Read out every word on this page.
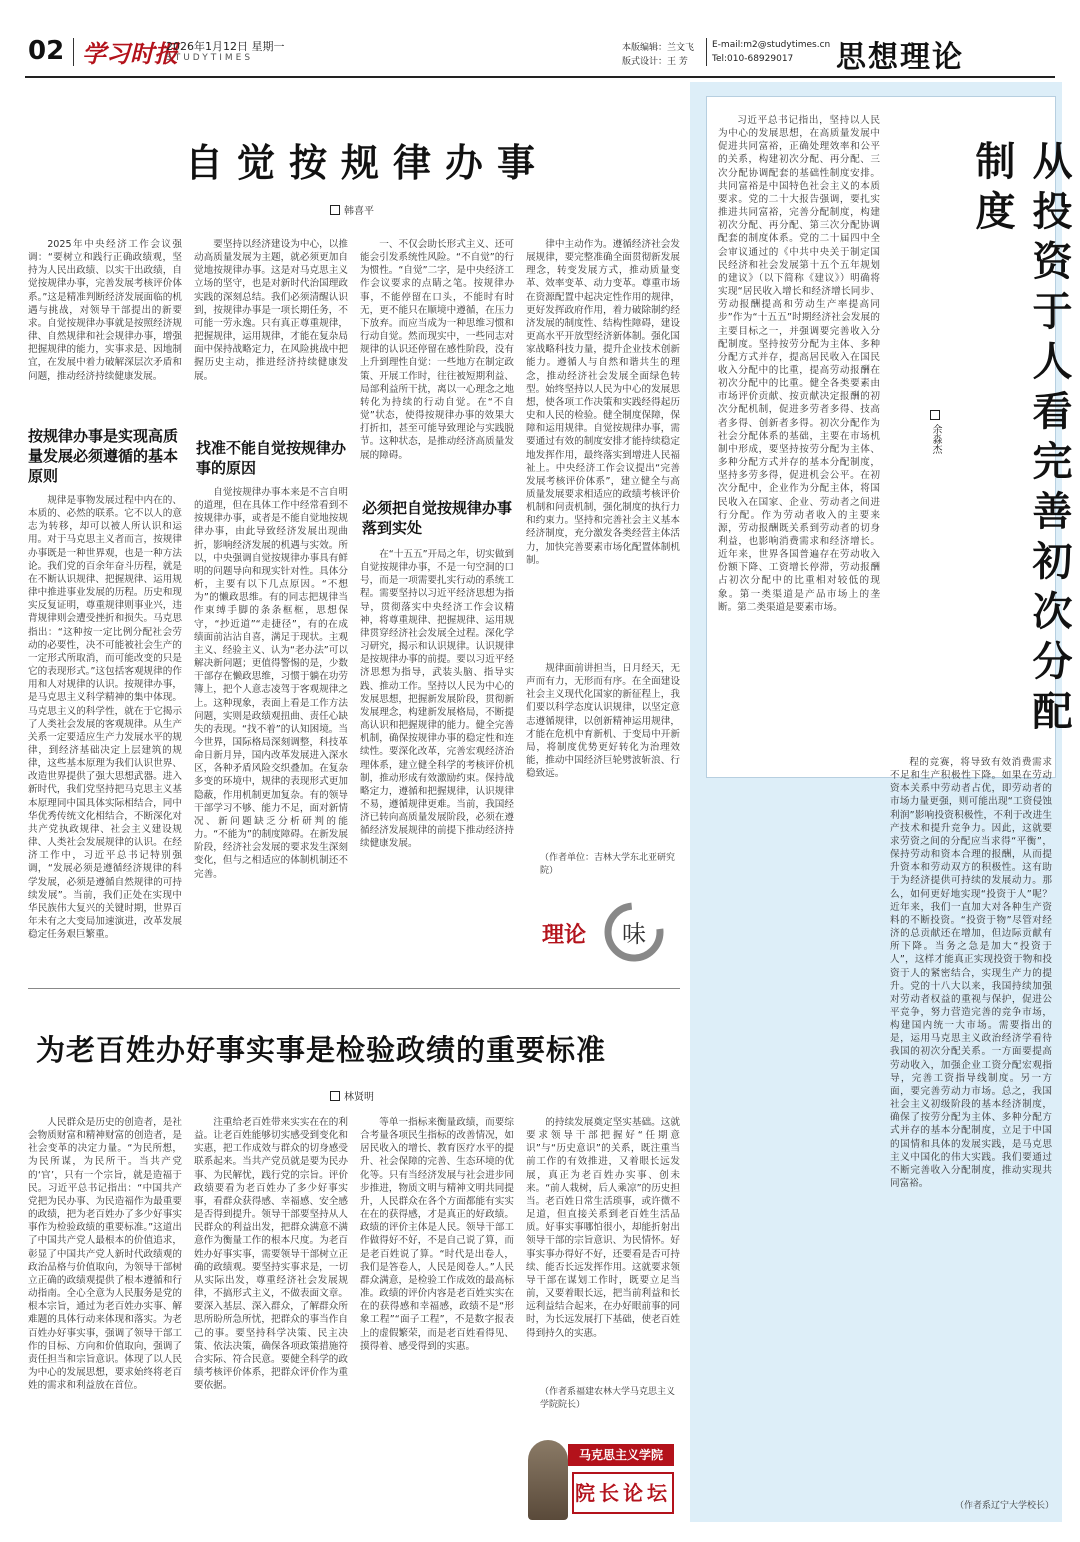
02 学习时报
2026年1月12日 星期一
STUDYTIMES
本版编辑：兰文飞
版式设计：王 芳
E-mail:m2@studytimes.cn
Tel:010-68929017 思想理论
自觉按规律办事
韩喜平

2025年中央经济工作会议强调：“要树立和践行正确政绩观，坚持为人民出政绩、以实干出政绩，自觉按规律办事，完善发展考核评价体系。”这是精准判断经济发展面临的机遇与挑战，对领导干部提出的新要求。自觉按规律办事就是按照经济规律、自然规律和社会规律办事，增强把握规律的能力，实事求是、因地制宜，在发展中着力破解深层次矛盾和问题，推动经济持续健康发展。

按规律办事是实现高质量发展必须遵循的基本原则

规律是事物发展过程中内在的、本质的、必然的联系。它不以人的意志为转移，却可以被人所认识和运用。对于马克思主义者而言，按规律办事既是一种世界观，也是一种方法论。我们党的百余年奋斗历程，就是在不断认识规律、把握规律、运用规律中推进事业发展的历程。历史和现实反复证明，尊重规律则事业兴，违背规律则会遭受挫折和损失。马克思指出：“这种按一定比例分配社会劳动的必要性，决不可能被社会生产的一定形式所取消，而可能改变的只是它的表现形式。”这包括客观规律的作用和人对规律的认识。按规律办事，是马克思主义科学精神的集中体现。马克思主义的科学性，就在于它揭示了人类社会发展的客观规律。从生产关系一定要适应生产力发展水平的规律，到经济基础决定上层建筑的规律，这些基本原理为我们认识世界、改造世界提供了强大思想武器。进入新时代，我们党坚持把马克思主义基本原理同中国具体实际相结合，同中华优秀传统文化相结合，不断深化对共产党执政规律、社会主义建设规律、人类社会发展规律的认识。在经济工作中，习近平总书记特别强调，“发展必须是遵循经济规律的科学发展，必须是遵循自然规律的可持续发展”。当前，我们正处在实现中华民族伟大复兴的关键时期，世界百年未有之大变局加速演进，改革发展稳定任务艰巨繁重。

要坚持以经济建设为中心，以推动高质量发展为主题，就必须更加自觉地按规律办事。这是对马克思主义立场的坚守，也是对新时代治国理政实践的深刻总结。我们必须清醒认识到，按规律办事是一项长期任务，不可能一劳永逸。只有真正尊重规律，把握规律，运用规律，才能在复杂局面中保持战略定力，在风险挑战中把握历史主动，推进经济持续健康发展。

找准不能自觉按规律办事的原因

自觉按规律办事本来是不言自明的道理，但在具体工作中经常看到不按规律办事，或者是不能自觉地按规律办事，由此导致经济发展出现曲折，影响经济发展的机遇与实效。所以，中央强调自觉按规律办事具有鲜明的问题导向和现实针对性。具体分析，主要有以下几点原因。“不想为”的懒政思维。有的同志把规律当作束缚手脚的条条框框，思想保守，“抄近道”“走捷径”，有的在成绩面前沾沾自喜，满足于现状。主观主义、经验主义、认为“老办法”可以解决新问题；更值得警惕的是，少数干部存在懒政思维，习惯于躺在功劳簿上，把个人意志凌驾于客观规律之上。这种现象，表面上看是工作方法问题，实则是政绩观扭曲、责任心缺失的表现。“找不着”的认知困境。当今世界，国际格局深刻调整，科技革命日新月异，国内改革发展进入深水区，各种矛盾风险交织叠加。在复杂多变的环境中，规律的表现形式更加隐蔽，作用机制更加复杂。有的领导干部学习不够、能力不足，面对新情况、新问题缺乏分析研判的能力。“不能为”的制度障碍。在新发展阶段，经济社会发展的要求发生深刻变化，但与之相适应的体制机制还不完善。

一、不仅会助长形式主义、还可能会引发系统性风险。“不自觉”的行为惯性。“自觉”二字，是中央经济工作会议要求的点睛之笔。按规律办事，不能停留在口头，不能时有时无，更不能只在顺境中遵循，在压力下放弃。而应当成为一种思维习惯和行动自觉。然而现实中，一些同志对规律的认识还停留在感性阶段，没有上升到理性自觉：一些地方在制定政策、开展工作时，往往被短期利益、局部利益所干扰，离以一心理念之地转化为持续的行动自觉。在“不自觉”状态，使得按规律办事的效果大打折扣，甚至可能导致理论与实践脱节。这种状态，是推动经济高质量发展的障碍。

必须把自觉按规律办事落到实处

在“十五五”开局之年，切实做到自觉按规律办事，不是一句空洞的口号，而是一项需要扎实行动的系统工程。需要坚持以习近平经济思想为指导，贯彻落实中央经济工作会议精神，将尊重规律、把握规律、运用规律贯穿经济社会发展全过程。深化学习研究，揭示和认识规律。认识规律是按规律办事的前提。要以习近平经济思想为指导，武装头脑、指导实践、推动工作。坚持以人民为中心的发展思想，把握新发展阶段，贯彻新发展理念，构建新发展格局，不断提高认识和把握规律的能力。健全完善机制，确保按规律办事的稳定性和连续性。要深化改革，完善宏观经济治理体系，建立健全科学的考核评价机制，推动形成有效激励约束。保持战略定力，遵循和把握规律，认识规律不易，遵循规律更难。当前，我国经济已转向高质量发展阶段，必须在遵循经济发展规律的前提下推动经济持续健康发展。

律中主动作为。遵循经济社会发展规律，要完整准确全面贯彻新发展理念，转变发展方式，推动质量变革、效率变革、动力变革。尊重市场在资源配置中起决定性作用的规律，更好发挥政府作用，着力破除制约经济发展的制度性、结构性障碍，建设更高水平开放型经济新体制。强化国家战略科技力量，提升企业技术创新能力。遵循人与自然和谐共生的理念，推动经济社会发展全面绿色转型。始终坚持以人民为中心的发展思想，使各项工作决策和实践经得起历史和人民的检验。健全制度保障，保障和运用规律。自觉按规律办事，需要通过有效的制度安排才能持续稳定地发挥作用，最终落实到增进人民福祉上。中央经济工作会议提出“完善发展考核评价体系”，建立健全与高质量发展要求相适应的政绩考核评价机制和问责机制，强化制度的执行力和约束力。坚持和完善社会主义基本经济制度，充分激发各类经营主体活力，加快完善要素市场化配置体制机制。

规律面前讲担当，日月经天，无声而有力，无形而有序。在全面建设社会主义现代化国家的新征程上，我们要以科学态度认识规律，以坚定意志遵循规律，以创新精神运用规律，才能在危机中育新机、于变局中开新局，将制度优势更好转化为治理效能，推动中国经济巨轮劈波斩浪、行稳致远。

（作者单位：吉林大学东北亚研究院）
理论 味
为老百姓办好事实事是检验政绩的重要标准
林贤明

人民群众是历史的创造者，是社会物质财富和精神财富的创造者，是社会变革的决定力量。“为民所想，为民所谋，为民所干。当共产党的‘官’，只有一个宗旨，就是造福于民。习近平总书记指出：“中国共产党把为民办事、为民造福作为最重要的政绩，把为老百姓办了多少好事实事作为检验政绩的重要标准。”这道出了中国共产党人最根本的价值追求，彰显了中国共产党人新时代政绩观的政治品格与价值取向，为领导干部树立正确的政绩观提供了根本遵循和行动指南。全心全意为人民服务是党的根本宗旨，通过为老百姓办实事、解难题的具体行动来体现和落实。为老百姓办好事实事，强调了领导干部工作的目标、方向和价值取向，强调了责任担当和宗旨意识。体现了以人民为中心的发展思想，要求始终将老百姓的需求和利益放在首位。

注重给老百姓带来实实在在的利益。让老百姓能够切实感受到变化和实惠，把工作成效与群众的切身感受联系起来。当共产党员就是要为民办事、为民解忧，践行党的宗旨。评价政绩要看为老百姓办了多少好事实事，看群众获得感、幸福感、安全感是否得到提升。领导干部要坚持从人民群众的利益出发，把群众满意不满意作为衡量工作的根本尺度。为老百姓办好事实事，需要领导干部树立正确的政绩观。要坚持实事求是，一切从实际出发，尊重经济社会发展规律，不搞形式主义，不做表面文章。要深入基层、深入群众，了解群众所思所盼所急所忧，把群众的事当作自己的事。要坚持科学决策、民主决策、依法决策，确保各项政策措施符合实际、符合民意。要健全科学的政绩考核评价体系，把群众评价作为重要依据。

等单一指标来衡量政绩，而要综合考量各项民生指标的改善情况，如居民收入的增长、教育医疗水平的提升、社会保障的完善、生态环境的优化等。只有当经济发展与社会进步同步推进，物质文明与精神文明共同提升，人民群众在各个方面都能有实实在在的获得感，才是真正的好政绩。政绩的评价主体是人民。领导干部工作做得好不好，不是自己说了算，而是老百姓说了算。“时代是出卷人，我们是答卷人，人民是阅卷人。”人民群众满意，是检验工作成效的最高标准。政绩的评价内容是老百姓实实在在的获得感和幸福感，政绩不是“形象工程”“面子工程”，不是数字报表上的虚假繁荣，而是老百姓看得见、摸得着、感受得到的实惠。

的持续发展奠定坚实基础。这就要求领导干部把握好“任期意识”与“历史意识”的关系，既注重当前工作的有效推进，又着眼长远发展，真正为老百姓办实事、创未来。“前人栽树，后人乘凉”的历史担当。老百姓日常生活琐事，或许微不足道，但直接关系到老百姓生活品质。好事实事哪怕很小，却能折射出领导干部的宗旨意识、为民情怀。好事实事办得好不好，还要看是否可持续、能否长远发挥作用。这就要求领导干部在谋划工作时，既要立足当前，又要着眼长远，把当前利益和长远利益结合起来，在办好眼前事的同时，为长远发展打下基础，使老百姓得到持久的实惠。

（作者系福建农林大学马克思主义学院院长）
马克思主义学院
院长论坛

习近平总书记指出，坚持以人民为中心的发展思想，在高质量发展中促进共同富裕，正确处理效率和公平的关系，构建初次分配、再分配、三次分配协调配套的基础性制度安排。共同富裕是中国特色社会主义的本质要求。党的二十大报告强调，要扎实推进共同富裕，完善分配制度，构建初次分配、再分配、第三次分配协调配套的制度体系。党的二十届四中全会审议通过的《中共中央关于制定国民经济和社会发展第十五个五年规划的建议》（以下简称《建议》）明确将实现“居民收入增长和经济增长同步、劳动报酬提高和劳动生产率提高同步”作为“十五五”时期经济社会发展的主要目标之一，并强调要完善收入分配制度。坚持按劳分配为主体、多种分配方式并存，提高居民收入在国民收入分配中的比重，提高劳动报酬在初次分配中的比重。健全各类要素由市场评价贡献、按贡献决定报酬的初次分配机制，促进多劳者多得、技高者多得、创新者多得。初次分配作为社会分配体系的基础，主要在市场机制中形成，要坚持按劳分配为主体、多种分配方式并存的基本分配制度，坚持多劳多得，促进机会公平。在初次分配中，企业作为分配主体，将国民收入在国家、企业、劳动者之间进行分配。作为劳动者收入的主要来源，劳动报酬既关系到劳动者的切身利益，也影响消费需求和经济增长。近年来，世界各国普遍存在劳动收入份额下降、工资增长停滞，劳动报酬占初次分配中的比重相对较低的现象。第一类渠道是产品市场上的垄断。第二类渠道是要素市场。	从投资于人看完善初次分配制度
余淼杰

程的竞赛，将导致有效消费需求不足和生产积极性下降。如果在劳动资本关系中劳动者占优，即劳动者的市场力量更强，则可能出现“工资侵蚀利润”影响投资积极性，不利于改进生产技术和提升竞争力。因此，这就要求劳资之间的分配应当求得“平衡”，保持劳动和资本合理的报酬，从而提升资本和劳动双方的积极性。这有助于为经济提供可持续的发展动力。那么，如何更好地实现“投资于人”呢？近年来，我们一直加大对各种生产资料的不断投资。“投资于物”尽管对经济的总贡献还在增加，但边际贡献有所下降。当务之急是加大“投资于人”，这样才能真正实现投资于物和投资于人的紧密结合，实现生产力的提升。党的十八大以来，我国持续加强对劳动者权益的重视与保护，促进公平竞争，努力营造完善的竞争市场，构建国内统一大市场。需要指出的是，运用马克思主义政治经济学看待我国的初次分配关系。一方面要提高劳动收入，加强企业工资分配宏观指导，完善工资指导线制度。另一方面，要完善劳动力市场。总之，我国社会主义初级阶段的基本经济制度，确保了按劳分配为主体、多种分配方式并存的基本分配制度，立足于中国的国情和具体的发展实践，是马克思主义中国化的伟大实践。我们要通过不断完善收入分配制度，推动实现共同富裕。

（作者系辽宁大学校长）
